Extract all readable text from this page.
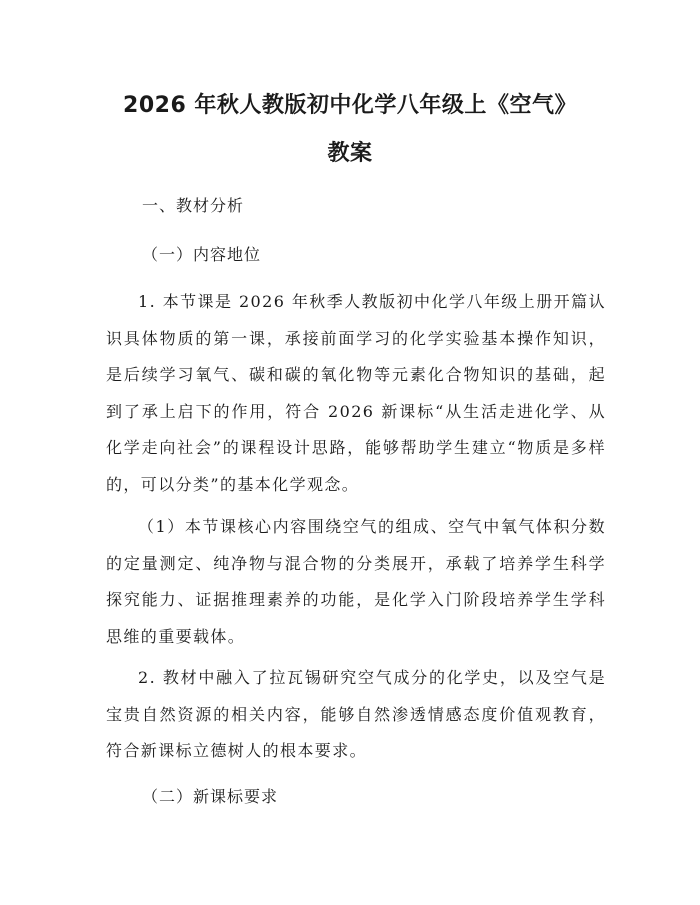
2026 年秋人教版初中化学八年级上《空气》
教案
一、教材分析
（一）内容地位
1. 本节课是 2026 年秋季人教版初中化学八年级上册开篇认识具体物质的第一课，承接前面学习的化学实验基本操作知识，是后续学习氧气、碳和碳的氧化物等元素化合物知识的基础，起到了承上启下的作用，符合 2026 新课标“从生活走进化学、从化学走向社会”的课程设计思路，能够帮助学生建立“物质是多样的，可以分类”的基本化学观念。
（1）本节课核心内容围绕空气的组成、空气中氧气体积分数的定量测定、纯净物与混合物的分类展开，承载了培养学生科学探究能力、证据推理素养的功能，是化学入门阶段培养学生学科思维的重要载体。
2. 教材中融入了拉瓦锡研究空气成分的化学史，以及空气是宝贵自然资源的相关内容，能够自然渗透情感态度价值观教育，符合新课标立德树人的根本要求。
（二）新课标要求
